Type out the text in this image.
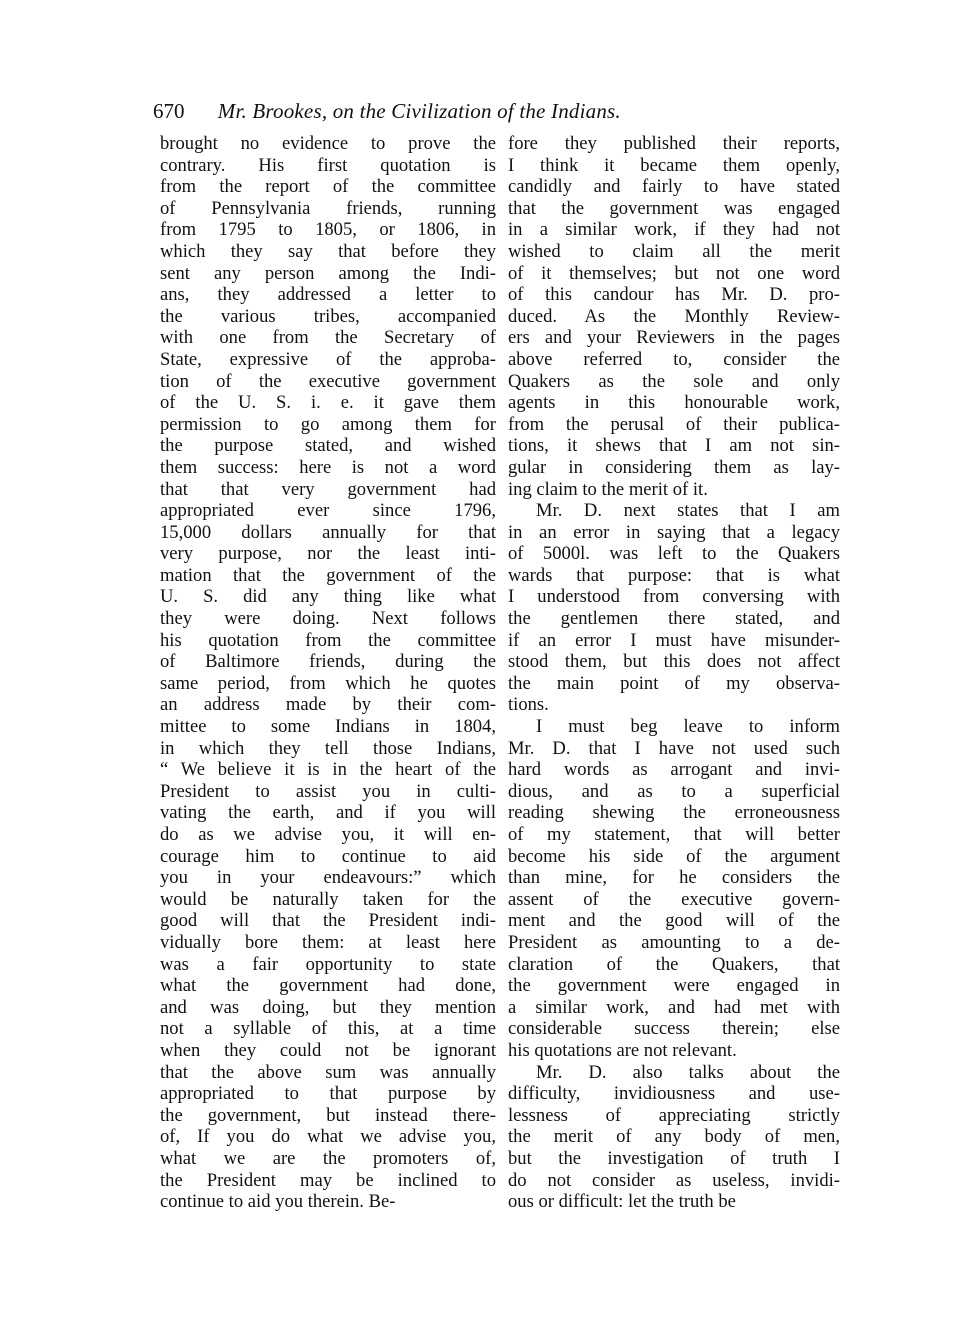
670 Mr. Brookes, on the Civilization of the Indians.
brought no evidence to prove the
contrary. His first quotation is
from the report of the committee
of Pennsylvania friends, running
from 1795 to 1805, or 1806, in
which they say that before they
sent any person among the Indi-
ans, they addressed a letter to
the various tribes, accompanied
with one from the Secretary of
State, expressive of the approba-
tion of the executive government
of the U. S. i. e. it gave them
permission to go among them for
the purpose stated, and wished
them success: here is not a word
that that very government had
appropriated ever since 1796,
15,000 dollars annually for that
very purpose, nor the least inti-
mation that the government of the
U. S. did any thing like what
they were doing. Next follows
his quotation from the committee
of Baltimore friends, during the
same period, from which he quotes
an address made by their com-
mittee to some Indians in 1804,
in which they tell those Indians,
“ We believe it is in the heart of the
President to assist you in culti-
vating the earth, and if you will
do as we advise you, it will en-
courage him to continue to aid
you in your endeavours:” which
would be naturally taken for the
good will that the President indi-
vidually bore them: at least here
was a fair opportunity to state
what the government had done,
and was doing, but they mention
not a syllable of this, at a time
when they could not be ignorant
that the above sum was annually
appropriated to that purpose by
the government, but instead there-
of, If you do what we advise you,
what we are the promoters of,
the President may be inclined to
continue to aid you therein. Be-
fore they published their reports,
I think it became them openly,
candidly and fairly to have stated
that the government was engaged
in a similar work, if they had not
wished to claim all the merit
of it themselves; but not one word
of this candour has Mr. D. pro-
duced. As the Monthly Review-
ers and your Reviewers in the pages
above referred to, consider the
Quakers as the sole and only
agents in this honourable work,
from the perusal of their publica-
tions, it shews that I am not sin-
gular in considering them as lay-
ing claim to the merit of it.
Mr. D. next states that I am
in an error in saying that a legacy
of 5000l. was left to the Quakers
wards that purpose: that is what
I understood from conversing with
the gentlemen there stated, and
if an error I must have misunder-
stood them, but this does not affect
the main point of my observa-
tions.
I must beg leave to inform
Mr. D. that I have not used such
hard words as arrogant and invi-
dious, and as to a superficial
reading shewing the erroneousness
of my statement, that will better
become his side of the argument
than mine, for he considers the
assent of the executive govern-
ment and the good will of the
President as amounting to a de-
claration of the Quakers, that
the government were engaged in
a similar work, and had met with
considerable success therein; else
his quotations are not relevant.
Mr. D. also talks about the
difficulty, invidiousness and use-
lessness of appreciating strictly
the merit of any body of men,
but the investigation of truth I
do not consider as useless, invidi-
ous or difficult: let the truth be
